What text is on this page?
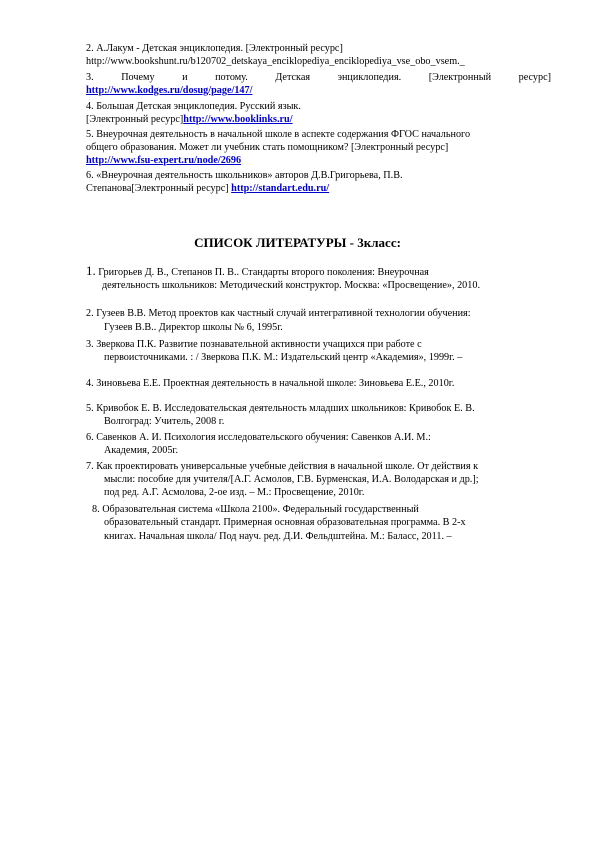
2. А.Лакум - Детская энциклопедия. [Электронный ресурс]
http://www.bookshunt.ru/b120702_detskaya_enciklopediya_enciklopediya_vse_obo_vsem._
3.	Почему	и	потому.	Детская	энциклопедия.	[Электронный	ресурс]
http://www.kodges.ru/dosug/page/147/
4. Большая Детская энциклопедия. Русский язык.
[Электронный ресурс]http://www.booklinks.ru/
5. Внеурочная деятельность в начальной школе в аспекте содержания ФГОС начального
общего образования. Может ли учебник стать помощником? [Электронный ресурс]
http://www.fsu-expert.ru/node/2696
6. «Внеурочная деятельность школьников» авторов Д.В.Григорьева, П.В.
Степанова[Электронный ресурс] http://standart.edu.ru/
СПИСОК ЛИТЕРАТУРЫ - 3класс:
1. Григорьев Д. В., Степанов П. В.. Стандарты второго поколения: Внеурочная
деятельность школьников: Методический конструктор. Москва: «Просвещение», 2010.
2. Гузеев В.В. Метод проектов как частный случай интегративной технологии обучения:
Гузеев В.В.. Директор школы № 6, 1995г.
3. Зверкова П.К. Развитие познавательной активности учащихся при работе с
первоисточниками. : / Зверкова П.К. М.: Издательский центр «Академия», 1999г. –
4. Зиновьева Е.Е. Проектная деятельность в начальной школе: Зиновьева Е.Е., 2010г.
5. Кривобок Е. В. Исследовательская деятельность младших школьников: Кривобок Е. В.
Волгоград: Учитель, 2008 г.
6. Савенков А. И. Психология исследовательского обучения: Савенков А.И. М.:
Академия, 2005г.
7. Как проектировать универсальные учебные действия в начальной школе. От действия к
мысли: пособие для учителя/[А.Г. Асмолов, Г.В. Бурменская, И.А. Володарская и др.];
под ред. А.Г. Асмолова, 2-ое изд. – М.: Просвещение, 2010г.
8. Образовательная система «Школа 2100». Федеральный государственный
образовательный стандарт. Примерная основная образовательная программа. В 2-х
книгах. Начальная школа/ Под науч. ред. Д.И. Фельдштейна. М.: Баласс, 2011. –
